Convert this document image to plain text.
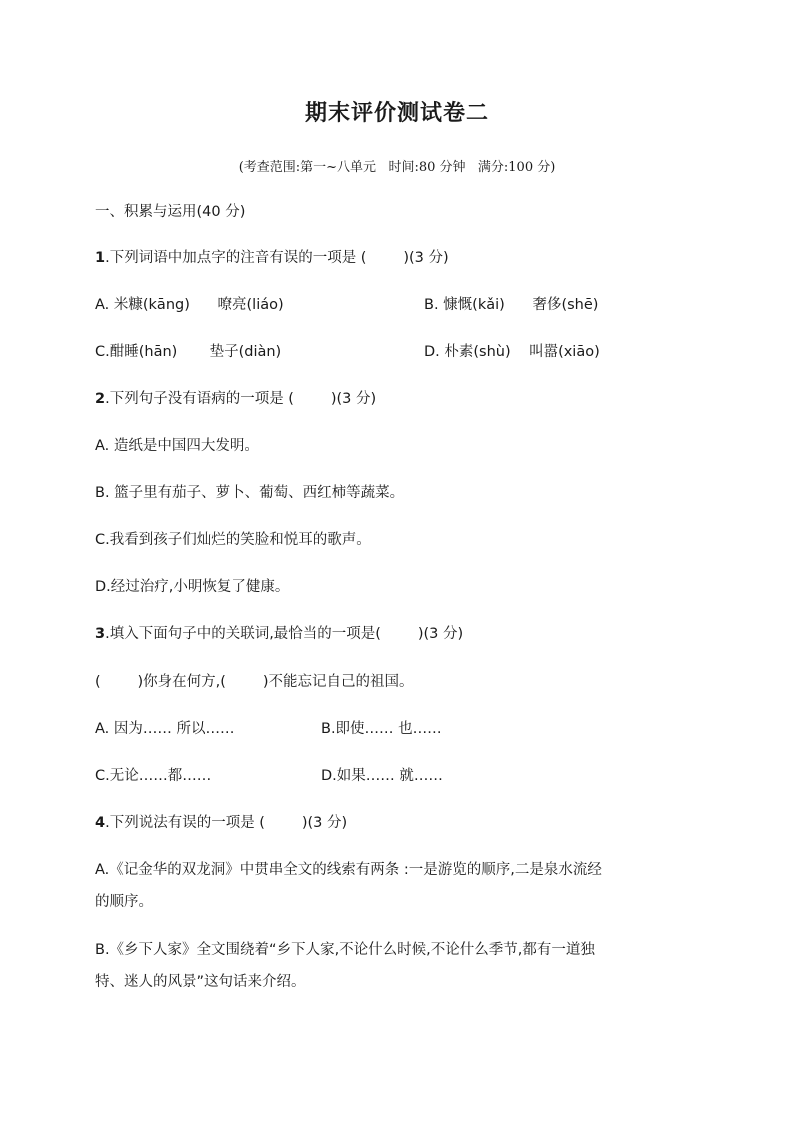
期末评价测试卷二
(考查范围:第一~八单元   时间:80 分钟   满分:100 分)
一、积累与运用(40 分)
1.下列词语中加点字的注音有误的一项是 (        )(3 分)
A. 米糠(kāng)      嘹亮(liáo)	B. 慷慨(kǎi)      奢侈(shē)
C.酣睡(hān)       垫子(diàn)	D. 朴素(shù)    叫嚣(xiāo)
2.下列句子没有语病的一项是 (        )(3 分)
A. 造纸是中国四大发明。
B. 篮子里有茄子、萝卜、葡萄、西红柿等蔬菜。
C.我看到孩子们灿烂的笑脸和悦耳的歌声。
D.经过治疗,小明恢复了健康。
3.填入下面句子中的关联词,最恰当的一项是(        )(3 分)
(        )你身在何方,(        )不能忘记自己的祖国。
A. 因为…… 所以……	B.即使…… 也……
C.无论……都……	D.如果…… 就……
4.下列说法有误的一项是 (        )(3 分)
A.《记金华的双龙洞》中贯串全文的线索有两条 :一是游览的顺序,二是泉水流经
的顺序。
B.《乡下人家》全文围绕着“乡下人家,不论什么时候,不论什么季节,都有一道独
特、迷人的风景”这句话来介绍。
